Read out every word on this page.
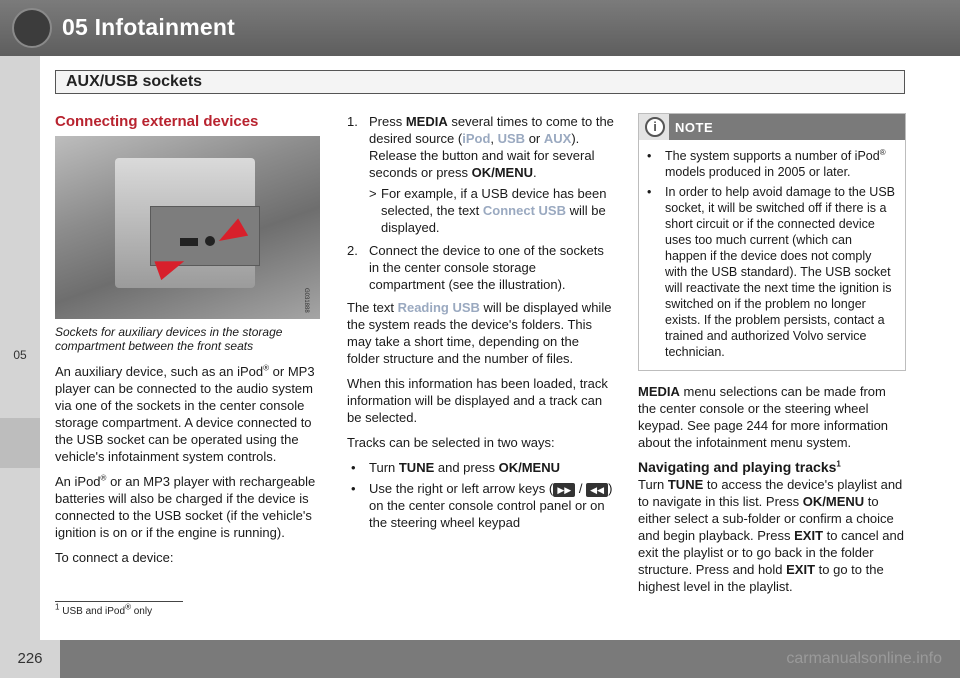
05 Infotainment
05
AUX/USB sockets
Connecting external devices
G031888
Sockets for auxiliary devices in the storage compartment between the front seats

An auxiliary device, such as an iPod® or MP3 player can be connected to the audio system via one of the sockets in the center console storage compartment. A device connected to the USB socket can be operated using the vehicle's infotainment system controls.

An iPod® or an MP3 player with rechargeable batteries will also be charged if the device is connected to the USB socket (if the vehicle's ignition is on or if the engine is running).

To connect a device:

1. Press MEDIA several times to come to the desired source (iPod, USB or AUX). Release the button and wait for several seconds or press OK/MENU.
> For example, if a USB device has been selected, the text Connect USB will be displayed.
2. Connect the device to one of the sockets in the center console storage compartment (see the illustration).

The text Reading USB will be displayed while the system reads the device's folders. This may take a short time, depending on the folder structure and the number of files.

When this information has been loaded, track information will be displayed and a track can be selected.

Tracks can be selected in two ways:

• Turn TUNE and press OK/MENU
• Use the right or left arrow keys ( ▶▶ / ◀◀ ) on the center console control panel or on the steering wheel keypad
i	NOTE
• The system supports a number of iPod® models produced in 2005 or later.
• In order to help avoid damage to the USB socket, it will be switched off if there is a short circuit or if the connected device uses too much current (which can happen if the device does not comply with the USB standard). The USB socket will reactivate the next time the ignition is switched on if the problem no longer exists. If the problem persists, contact a trained and authorized Volvo service technician.

MEDIA menu selections can be made from the center console or the steering wheel keypad. See page 244 for more information about the infotainment menu system.

Navigating and playing tracks$^1$

Turn TUNE to access the device's playlist and to navigate in this list. Press OK/MENU to either select a sub-folder or confirm a choice and begin playback. Press EXIT to cancel and exit the playlist or to go back in the folder structure. Press and hold EXIT to go to the highest level in the playlist.

$^1$ USB and iPod® only
226	carmanualsonline.info
